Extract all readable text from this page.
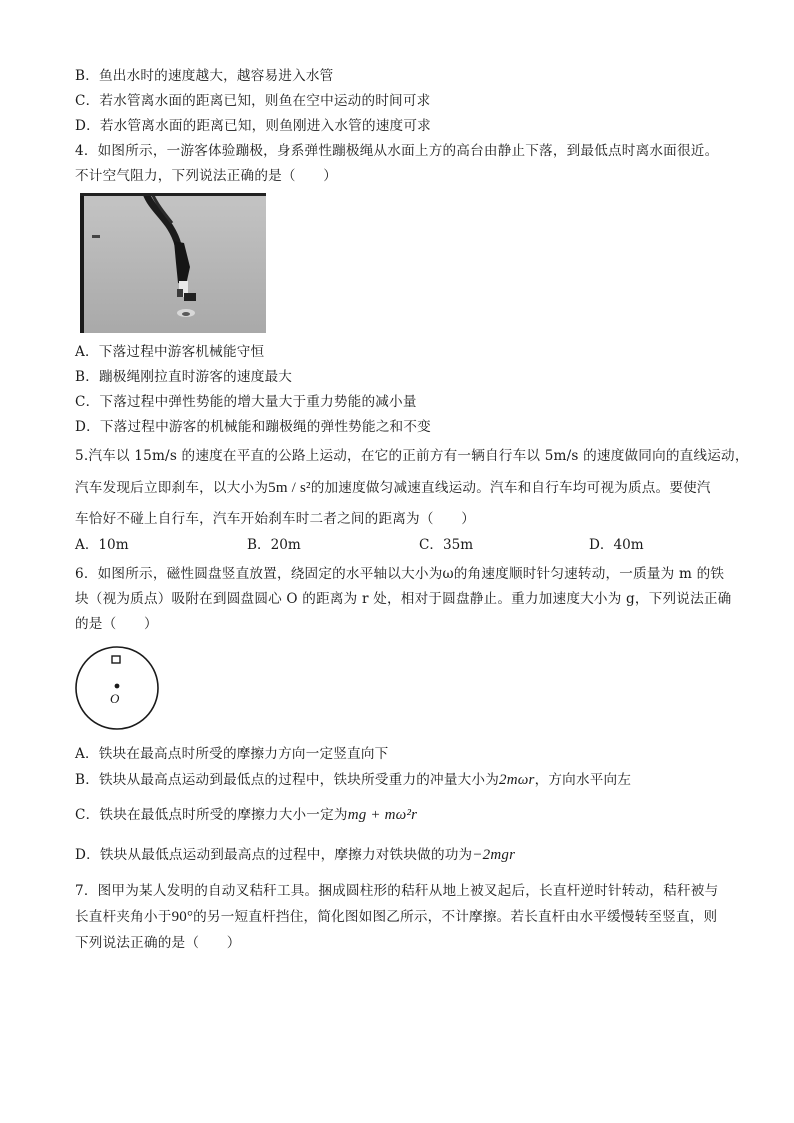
B．鱼出水时的速度越大，越容易进入水管
C．若水管离水面的距离已知，则鱼在空中运动的时间可求
D．若水管离水面的距离已知，则鱼刚进入水管的速度可求
4．如图所示，一游客体验蹦极，身系弹性蹦极绳从水面上方的高台由静止下落，到最低点时离水面很近。
不计空气阻力，下列说法正确的是（　　）
A．下落过程中游客机械能守恒
B．蹦极绳刚拉直时游客的速度最大
C．下落过程中弹性势能的增大量大于重力势能的减小量
D．下落过程中游客的机械能和蹦极绳的弹性势能之和不变
5.汽车以 15m/s 的速度在平直的公路上运动，在它的正前方有一辆自行车以 5m/s 的速度做同向的直线运动，
汽车发现后立即刹车，以大小为5m / s²的加速度做匀减速直线运动。汽车和自行车均可视为质点。要使汽
车恰好不碰上自行车，汽车开始刹车时二者之间的距离为（　　）
A．10m	B．20m	C．35m	D．40m
6．如图所示，磁性圆盘竖直放置，绕固定的水平轴以大小为ω的角速度顺时针匀速转动，一质量为 m 的铁
块（视为质点）吸附在到圆盘圆心 O 的距离为 r 处，相对于圆盘静止。重力加速度大小为 g，下列说法正确
的是（　　）
O
A．铁块在最高点时所受的摩擦力方向一定竖直向下
B．铁块从最高点运动到最低点的过程中，铁块所受重力的冲量大小为2mωr，方向水平向左
C．铁块在最低点时所受的摩擦力大小一定为mg + mω²r
D．铁块从最低点运动到最高点的过程中，摩擦力对铁块做的功为−2mgr
7．图甲为某人发明的自动叉秸秆工具。捆成圆柱形的秸秆从地上被叉起后，长直杆逆时针转动，秸秆被与
长直杆夹角小于90°的另一短直杆挡住，简化图如图乙所示，不计摩擦。若长直杆由水平缓慢转至竖直，则
下列说法正确的是（　　）
